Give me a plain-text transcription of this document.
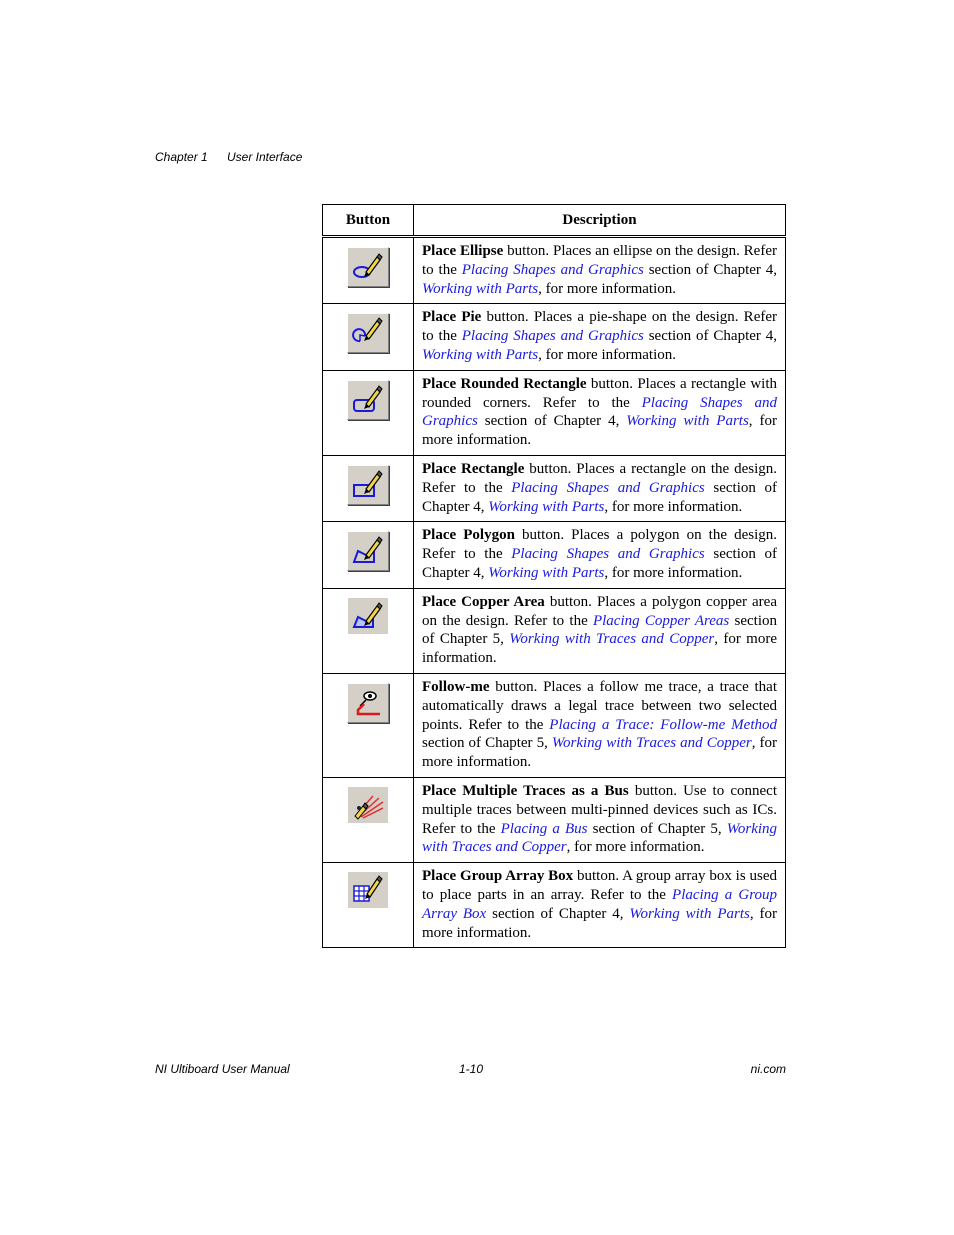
Chapter 1 User Interface
Button	Description

	Place Ellipse button. Places an ellipse on the design. Refer to the Placing Shapes and Graphics section of Chapter 4, Working with Parts, for more information.

	Place Pie button. Places a pie-shape on the design. Refer to the Placing Shapes and Graphics section of Chapter 4, Working with Parts, for more information.

	Place Rounded Rectangle button. Places a rectangle with rounded corners. Refer to the Placing Shapes and Graphics section of Chapter 4, Working with Parts, for more information.

	Place Rectangle button. Places a rectangle on the design. Refer to the Placing Shapes and Graphics section of Chapter 4, Working with Parts, for more information.

	Place Polygon button. Places a polygon on the design. Refer to the Placing Shapes and Graphics section of Chapter 4, Working with Parts, for more information.

	Place Copper Area button. Places a polygon copper area on the design. Refer to the Placing Copper Areas section of Chapter 5, Working with Traces and Copper, for more information.

	Follow-me button. Places a follow me trace, a trace that automatically draws a legal trace between two selected points. Refer to the Placing a Trace: Follow-me Method section of Chapter 5, Working with Traces and Copper, for more information.

	Place Multiple Traces as a Bus button. Use to connect multiple traces between multi-pinned devices such as ICs. Refer to the Placing a Bus section of Chapter 5, Working with Traces and Copper, for more information.

	Place Group Array Box button. A group array box is used to place parts in an array. Refer to the Placing a Group Array Box section of Chapter 4, Working with Parts, for more information.
NI Ultiboard User Manual	1-10	ni.com
